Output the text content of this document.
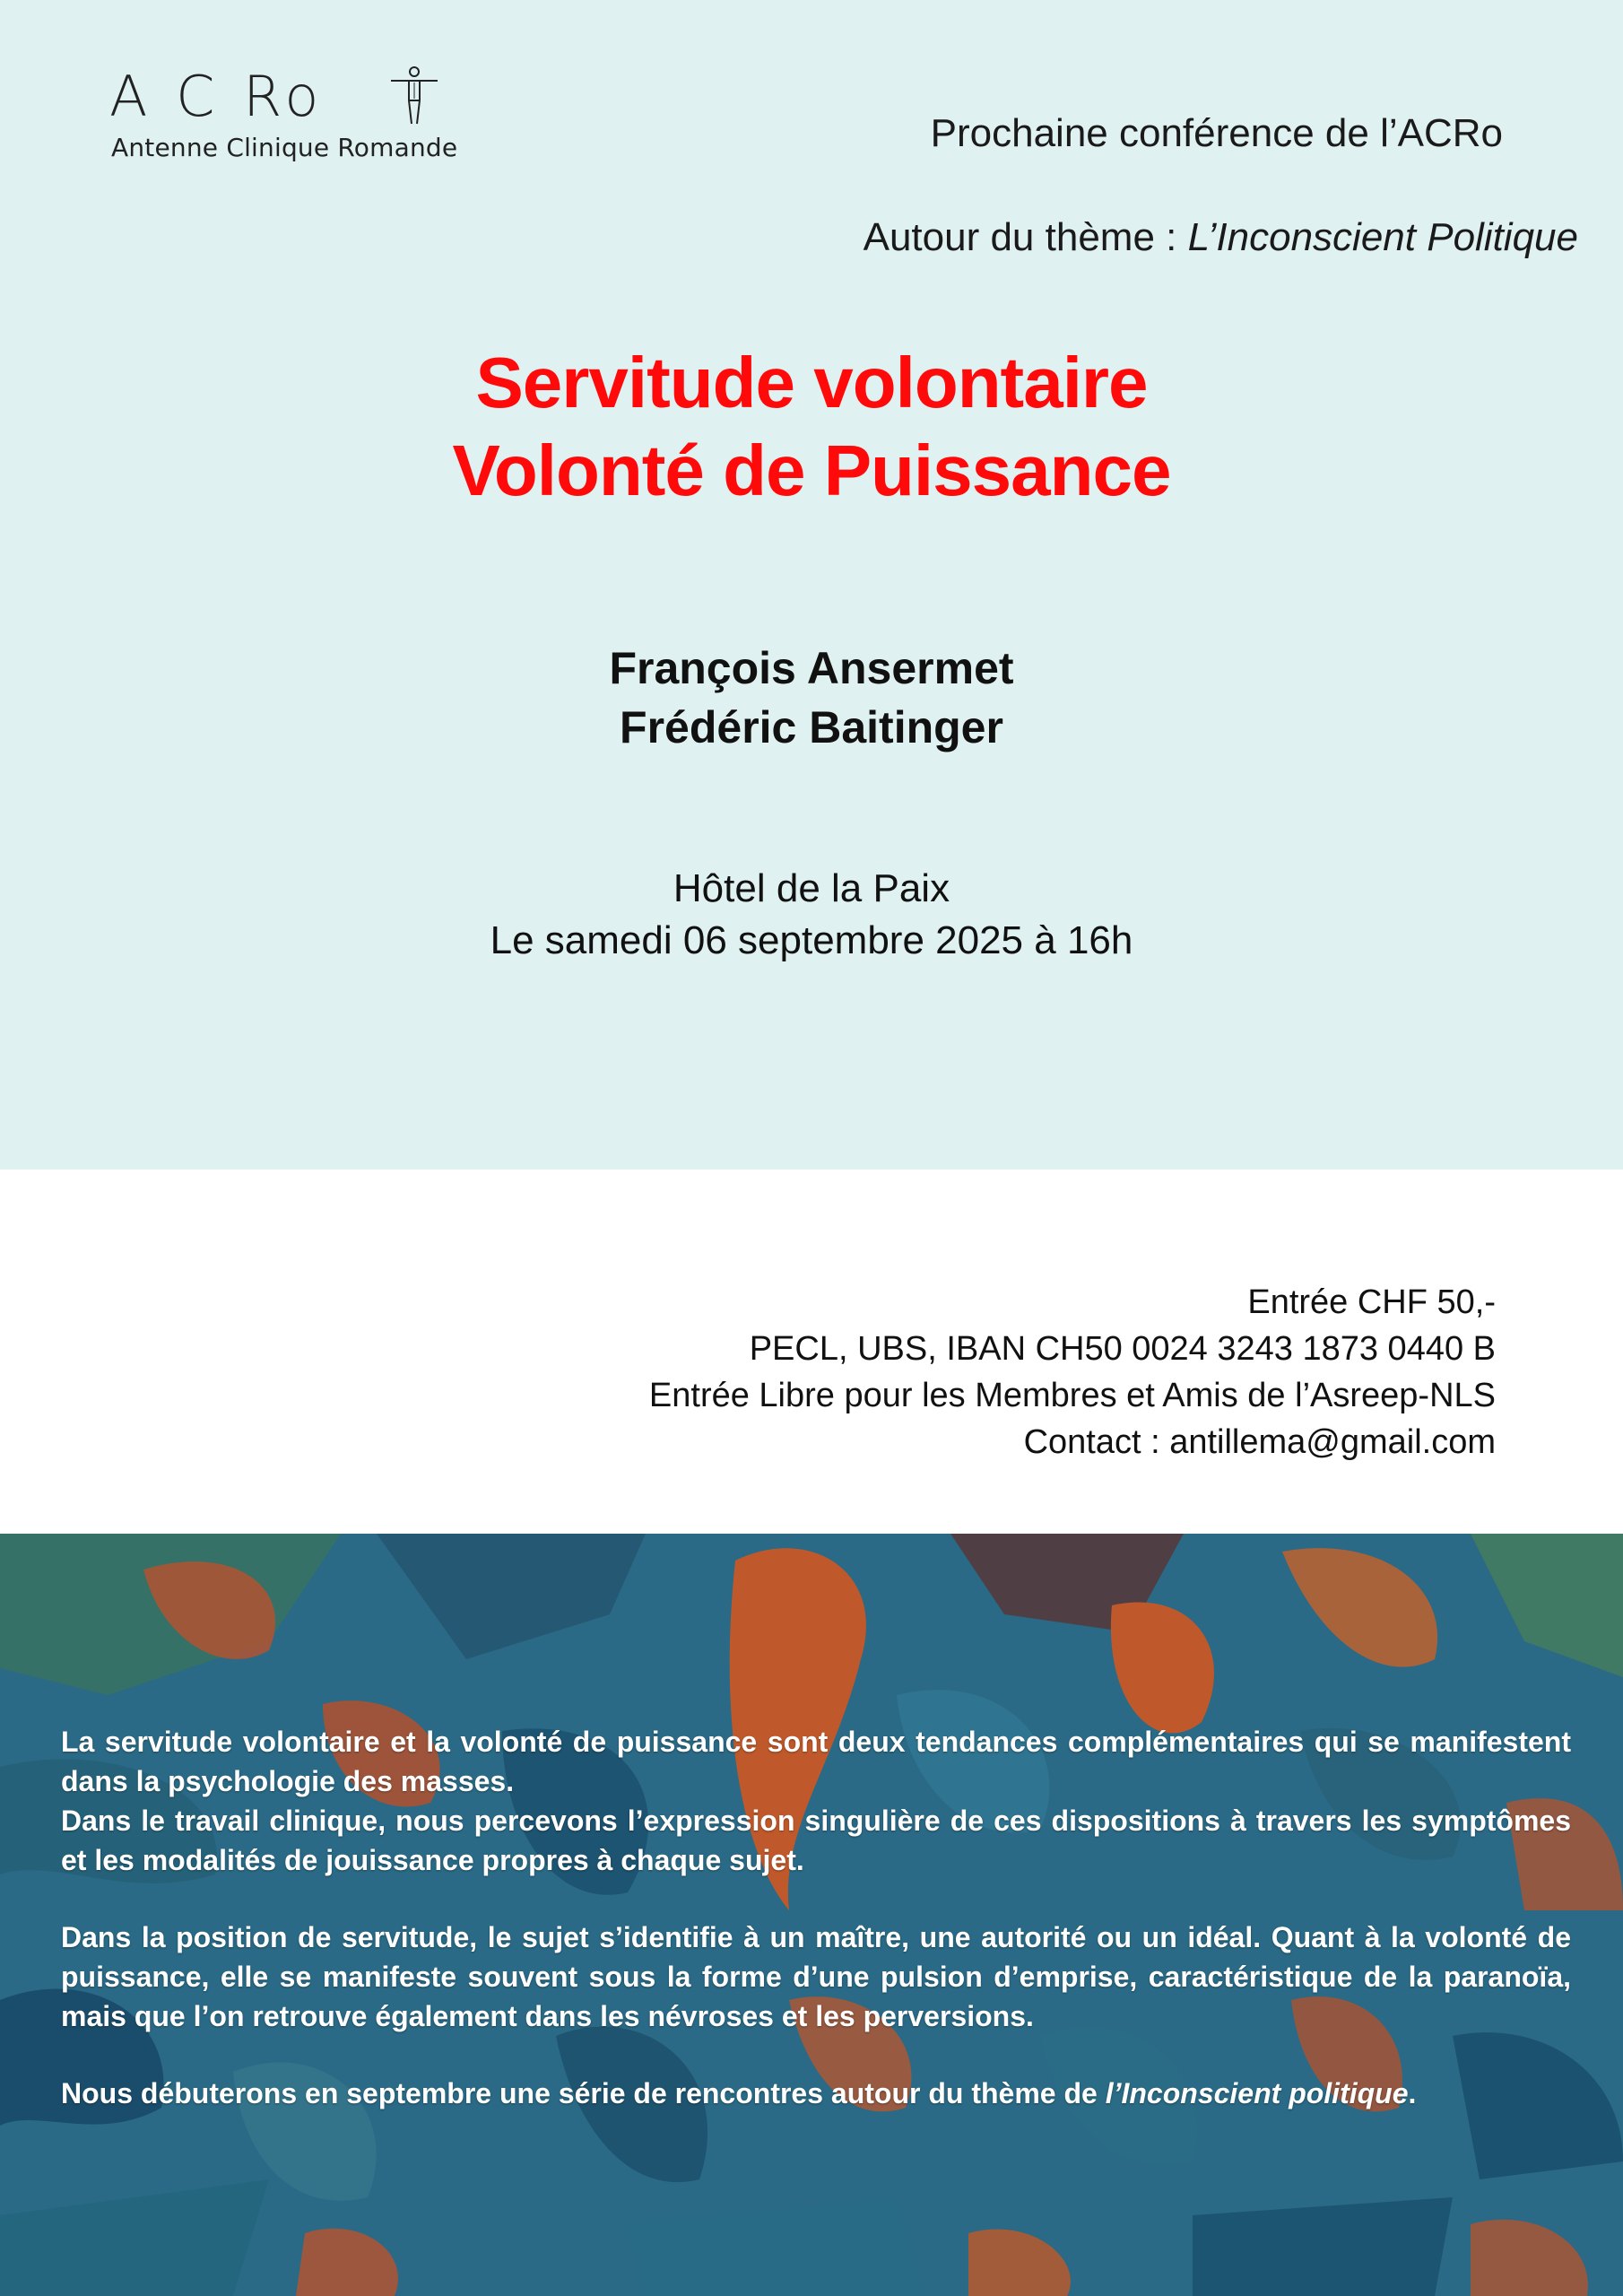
A C Ro
Antenne Clinique Romande	Prochaine conférence de l’ACRo
Autour du thème : L’Inconscient Politique
Servitude volontaire
Volonté de Puissance
François Ansermet
Frédéric Baitinger
Hôtel de la Paix
Le samedi 06 septembre 2025 à 16h
Entrée CHF 50,-
PECL, UBS, IBAN CH50 0024 3243 1873 0440 B
Entrée Libre pour les Membres et Amis de l’Asreep-NLS
Contact : antillema@gmail.com

La servitude volontaire et la volonté de puissance sont deux tendances complémentaires qui se manifestent dans la psychologie des masses.

Dans le travail clinique, nous percevons l’expression singulière de ces dispositions à travers les symptômes et les modalités de jouissance propres à chaque sujet.

Dans la position de servitude, le sujet s’identifie à un maître, une autorité ou un idéal. Quant à la volonté de puissance, elle se manifeste souvent sous la forme d’une pulsion d’emprise, caractéristique de la paranoïa, mais que l’on retrouve également dans les névroses et les perversions.

Nous débuterons en septembre une série de rencontres autour du thème de l’Inconscient politique.
